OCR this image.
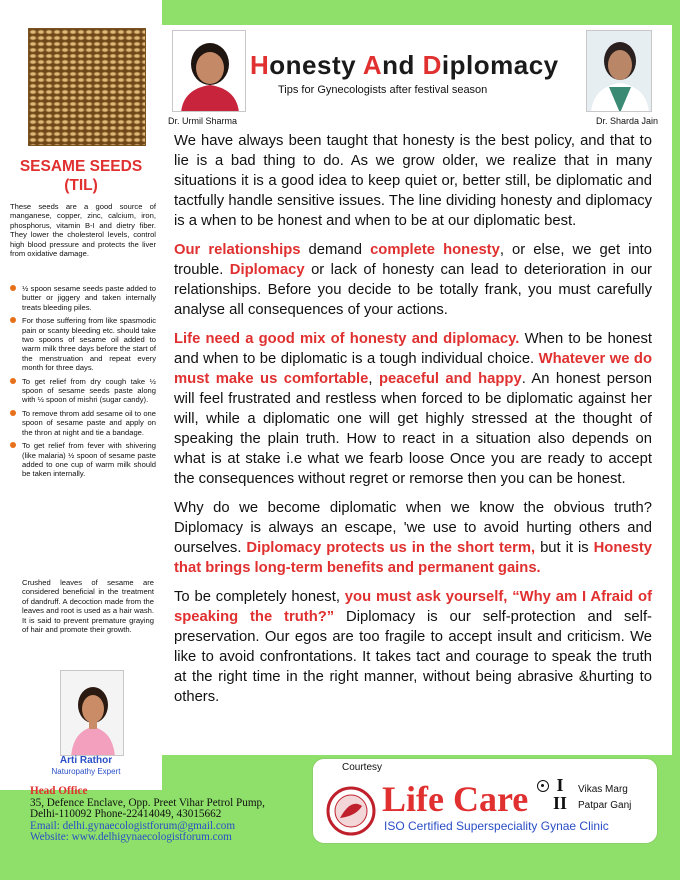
SESAME SEEDS
(TIL)
These seeds are a good source of manganese, copper, zinc, calcium, iron, phosphorus, vitamin B-I and dietry fiber. They lower the cholesterol levels, control high blood pressure and protects the liver from oxidative damage.
½ spoon sesame seeds paste added to butter or jiggery and taken internally treats bleeding piles.
For those suffering from like spasmodic pain or scanty bleeding etc. should take two spoons of sesame oil added to warm milk three days before the start of the menstruation and repeat every month for three days.
To get relief from dry cough take ½ spoon of sesame seeds paste along with ½ spoon of mishri (sugar candy).
To remove throm add sesame oil to one spoon of sesame paste and apply on the thron at night and tie a bandage.
To get relief from fever with shivering (like malaria) ½ spoon of sesame paste added to one cup of warm milk should be taken internally.
Crushed leaves of sesame are considered beneficial in the treatment of dandruff. A decoction made from the leaves and root is used as a hair wash. It is said to prevent premature graying of hair and promote their growth.
Arti Rathor
Naturopathy Expert
Head Office
35, Defence Enclave, Opp. Preet Vihar Petrol Pump,
Delhi-110092 Phone-22414049, 43015662
Email: delhi.gynaecologistforum@gmail.com
Website: www.delhigynaecologistforum.com
Dr. Urmil Sharma	Dr. Sharda Jain
Honesty And Diplomacy
Tips for Gynecologists after festival season

We have always been taught that honesty is the best policy, and that to lie is a bad thing to do. As we grow older, we realize that in many situations it is a good idea to keep quiet or, better still, be diplomatic and tactfully handle sensitive issues. The line dividing honesty and diplomacy is a when to be honest and when to be at our diplomatic best.

Our relationships demand complete honesty, or else, we get into trouble. Diplomacy or lack of honesty can lead to deterioration in our relationships. Before you decide to be totally frank, you must carefully analyse all consequences of your actions.

Life need a good mix of honesty and diplomacy. When to be honest and when to be diplomatic is a tough individual choice. Whatever we do must make us comfortable, peaceful and happy. An honest person will feel frustrated and restless when forced to be diplomatic against her will, while a diplomatic one will get highly stressed at the thought of speaking the plain truth. How to react in a situation also depends on what is at stake i.e what we fearb loose Once you are ready to accept the consequences without regret or remorse then you can be honest.

Why do we become diplomatic when we know the obvious truth? Diplomacy is always an escape, 'we use to avoid hurting others and ourselves. Diplomacy protects us in the short term, but it is Honesty that brings long-term benefits and permanent gains.

To be completely honest, you must ask yourself, “Why am I Afraid of speaking the truth?” Diplomacy is our self-protection and self-preservation. Our egos are too fragile to accept insult and criticism. We like to avoid confrontations. It takes tact and courage to speak the truth at the right time in the right manner, without being abrasive &hurting to others.

Courtesy
Life Care	I
II
Vikas Marg
Patpar Ganj
ISO Certified Superspeciality Gynae Clinic
